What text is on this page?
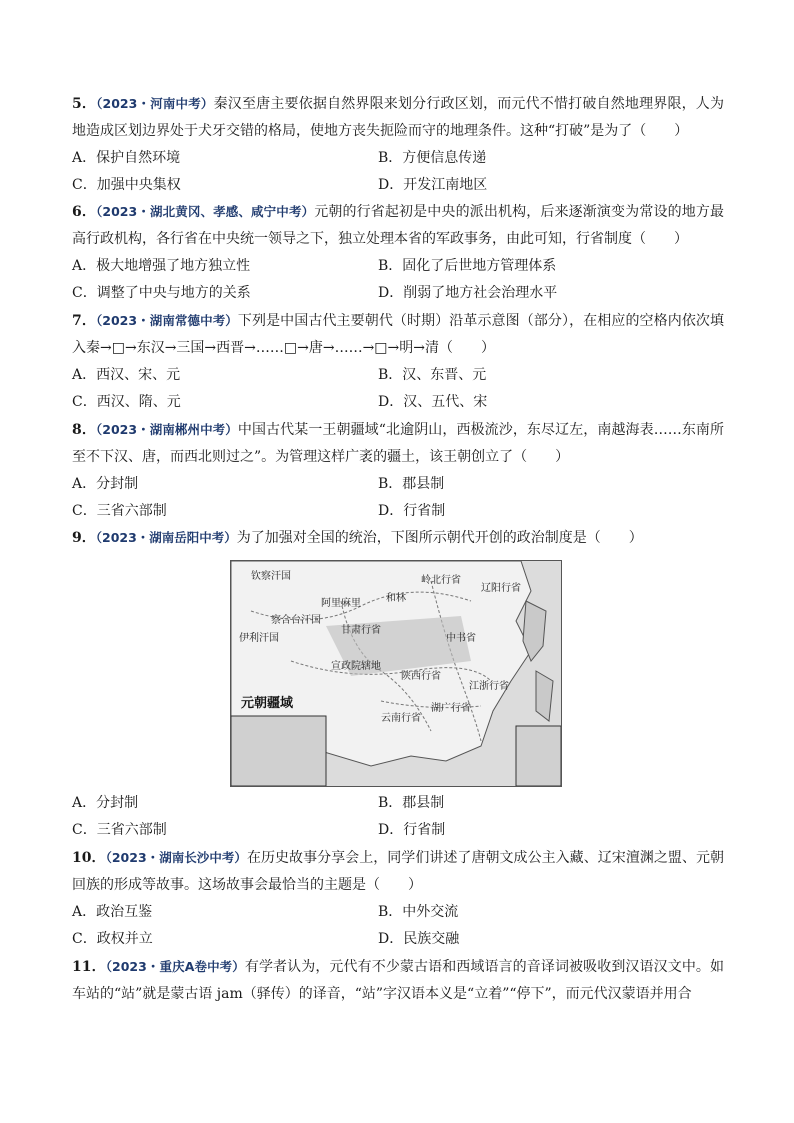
5．（2023・河南中考）秦汉至唐主要依据自然界限来划分行政区划，而元代不惜打破自然地理界限，人为地造成区划边界处于犬牙交错的格局，使地方丧失扼险而守的地理条件。这种“打破”是为了（　　）
A．保护自然环境	B．方便信息传递
C．加强中央集权	D．开发江南地区
6．（2023・湖北黄冈、孝感、咸宁中考）元朝的行省起初是中央的派出机构，后来逐渐演变为常设的地方最高行政机构，各行省在中央统一领导之下，独立处理本省的军政事务，由此可知，行省制度（　　）
A．极大地增强了地方独立性	B．固化了后世地方管理体系
C．调整了中央与地方的关系	D．削弱了地方社会治理水平
7．（2023・湖南常德中考）下列是中国古代主要朝代（时期）沿革示意图（部分），在相应的空格内依次填入秦→□→东汉→三国→西晋→……□→唐→……→□→明→清（　　）
A．西汉、宋、元	B．汉、东晋、元
C．西汉、隋、元	D．汉、五代、宋
8．（2023・湖南郴州中考）中国古代某一王朝疆域“北逾阴山，西极流沙，东尽辽左，南越海表……东南所至不下汉、唐，而西北则过之”。为管理这样广袤的疆土，该王朝创立了（　　）
A．分封制	B．郡县制
C．三省六部制	D．行省制
9．（2023・湖南岳阳中考）为了加强对全国的统治，下图所示朝代开创的政治制度是（　　）
元朝疆域
钦察汗国
伊利汗国
察合台汗国
阿里麻里	和林
岭北行省
辽阳行省
甘肃行省
中书省
宣政院辖地
陕西行省
云南行省
湖广行省
江浙行省
A．分封制	B．郡县制
C．三省六部制	D．行省制
10．（2023・湖南长沙中考）在历史故事分享会上，同学们讲述了唐朝文成公主入藏、辽宋澶渊之盟、元朝回族的形成等故事。这场故事会最恰当的主题是（　　）
A．政治互鉴	B．中外交流
C．政权并立	D．民族交融
11．（2023・重庆A卷中考）有学者认为，元代有不少蒙古语和西域语言的音译词被吸收到汉语汉文中。如车站的“站”就是蒙古语 jam（驿传）的译音，“站”字汉语本义是“立着”“停下”，而元代汉蒙语并用合
